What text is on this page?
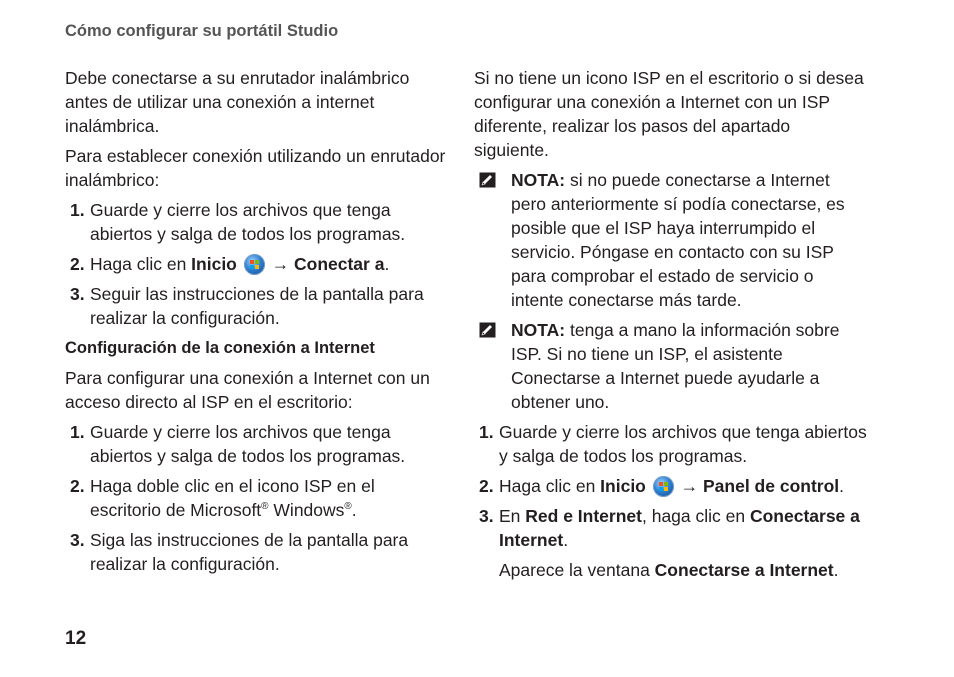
Cómo configurar su portátil Studio

Debe conectarse a su enrutador inalámbrico antes de utilizar una conexión a internet inalámbrica.

Para establecer conexión utilizando un enrutador inalámbrico:

1. Guarde y cierre los archivos que tenga abiertos y salga de todos los programas.
2. Haga clic en Inicio → Conectar a.
3. Seguir las instrucciones de la pantalla para realizar la configuración.

Configuración de la conexión a Internet

Para configurar una conexión a Internet con un acceso directo al ISP en el escritorio:

1. Guarde y cierre los archivos que tenga abiertos y salga de todos los programas.
2. Haga doble clic en el icono ISP en el escritorio de Microsoft® Windows®.
3. Siga las instrucciones de la pantalla para realizar la configuración.

Si no tiene un icono ISP en el escritorio o si desea configurar una conexión a Internet con un ISP diferente, realizar los pasos del apartado siguiente.

NOTA: si no puede conectarse a Internet pero anteriormente sí podía conectarse, es posible que el ISP haya interrumpido el servicio. Póngase en contacto con su ISP para comprobar el estado de servicio o intente conectarse más tarde.
NOTA: tenga a mano la información sobre ISP. Si no tiene un ISP, el asistente Conectarse a Internet puede ayudarle a obtener uno.
1. Guarde y cierre los archivos que tenga abiertos y salga de todos los programas.
2. Haga clic en Inicio → Panel de control.
3. En Red e Internet, haga clic en Conectarse a Internet.

Aparece la ventana Conectarse a Internet.

12
